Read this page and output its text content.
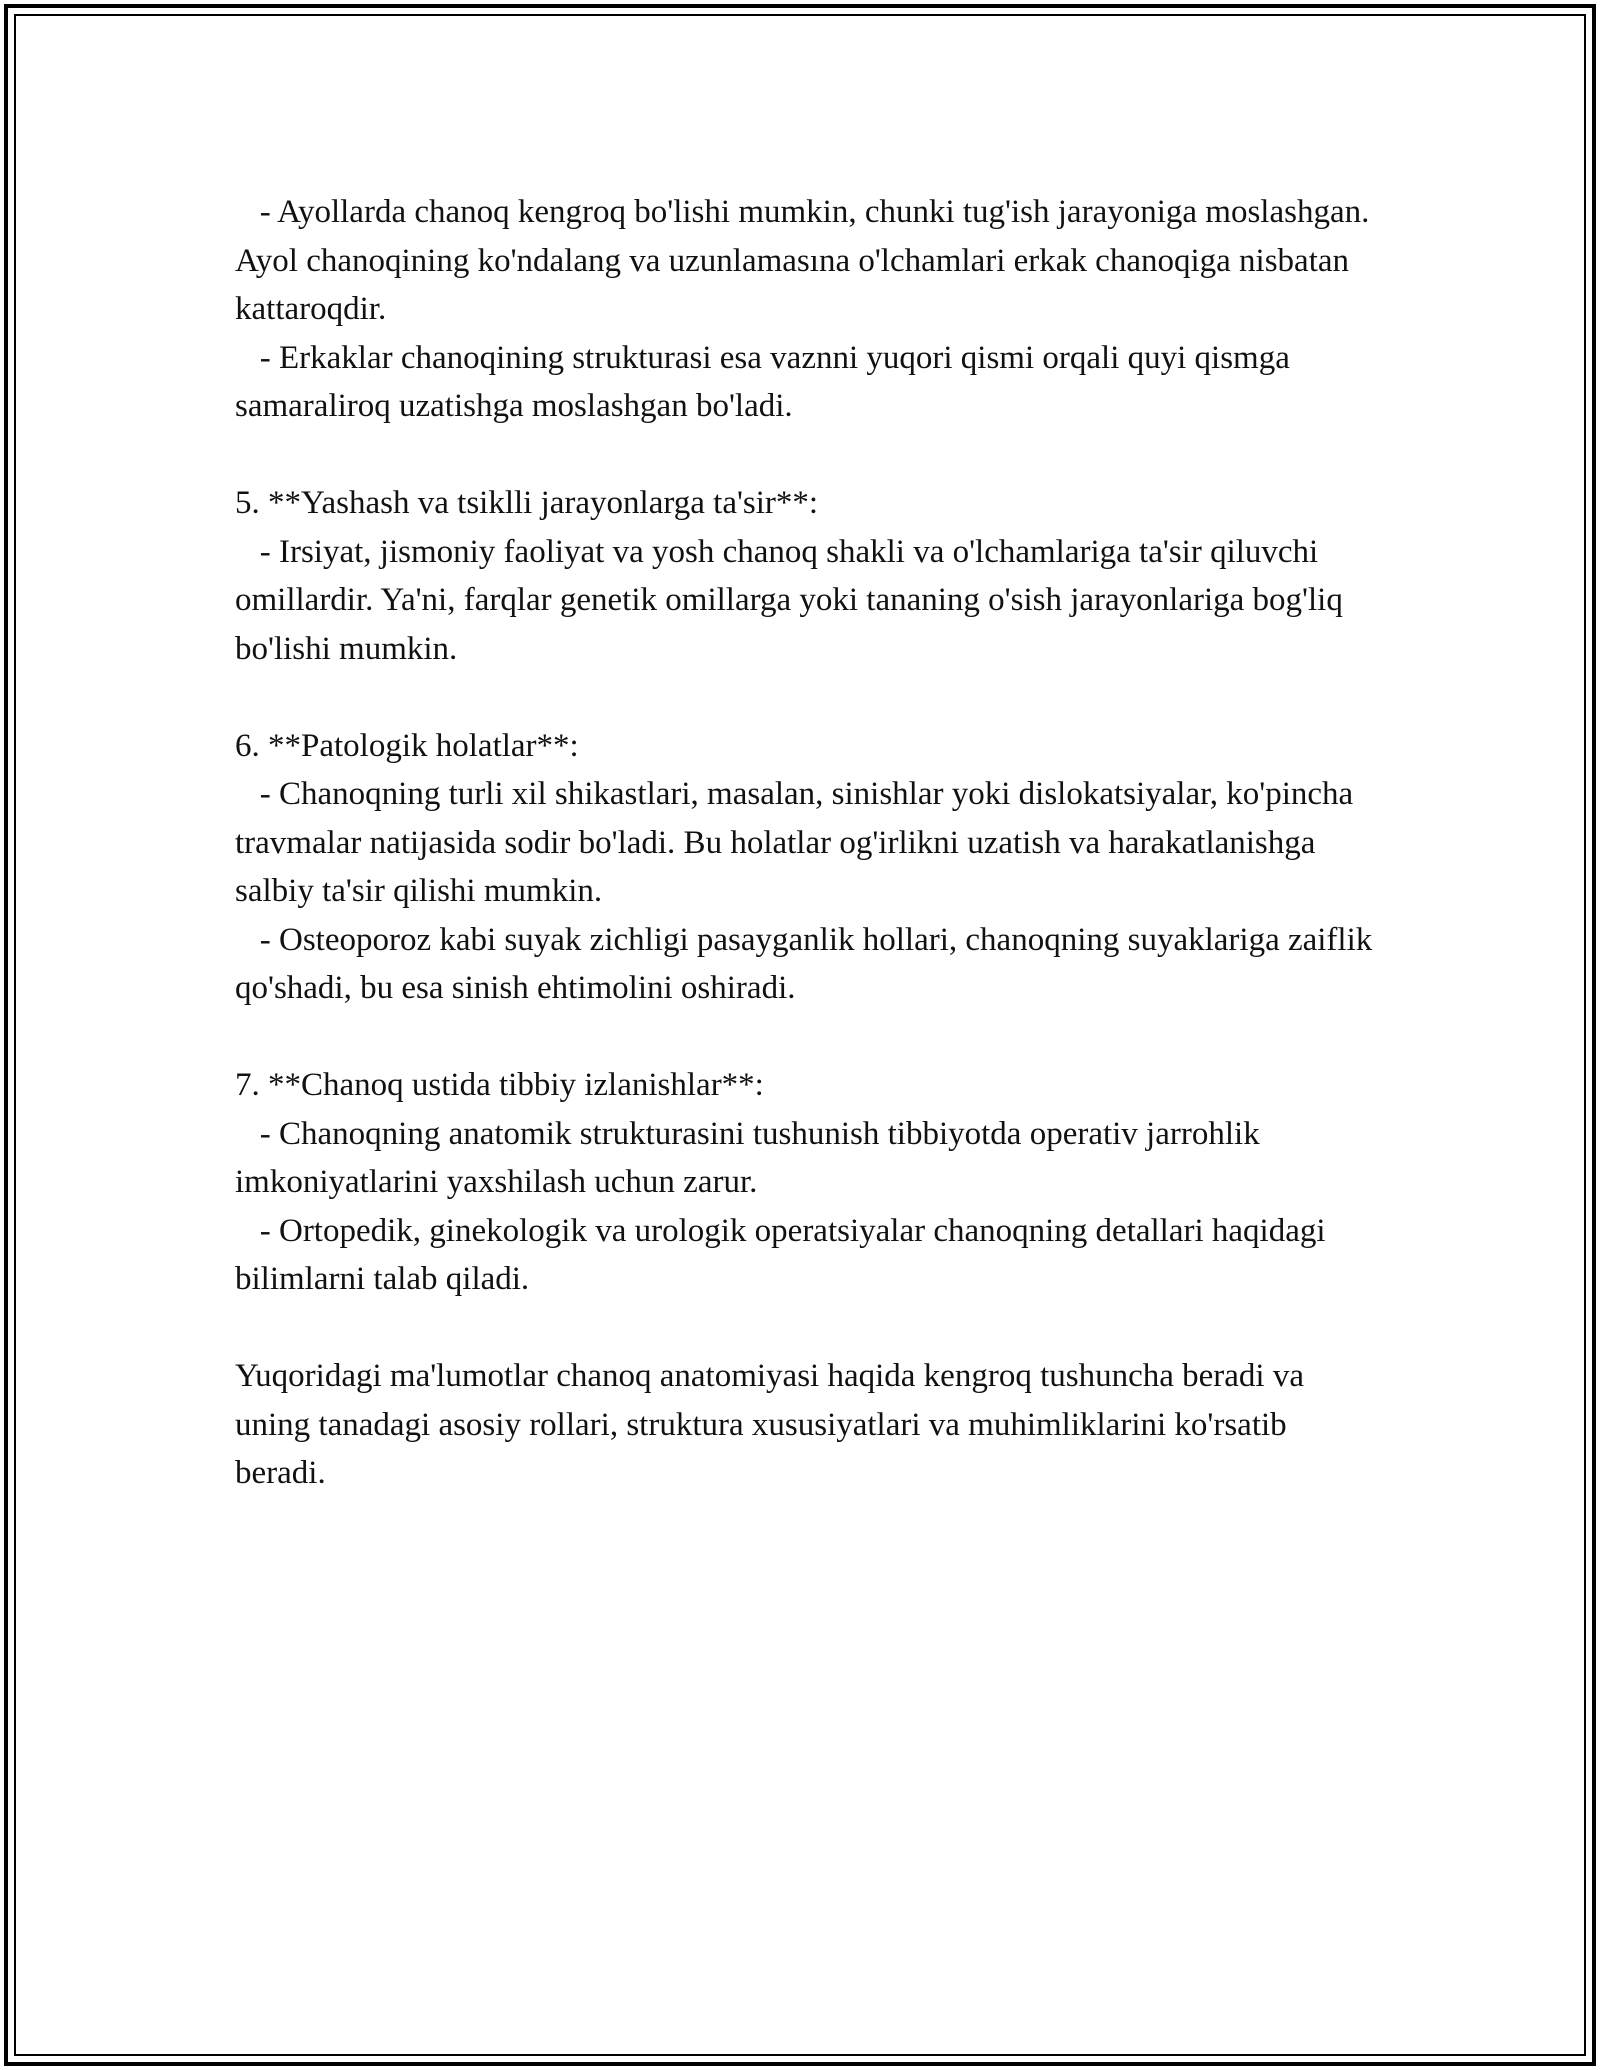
- Ayollarda chanoq kengroq bo'lishi mumkin, chunki tug'ish jarayoniga moslashgan. Ayol chanoqining ko'ndalang va uzunlamasına o'lchamlari erkak chanoqiga nisbatan kattaroqdir.

- Erkaklar chanoqining strukturasi esa vaznni yuqori qismi orqali quyi qismga samaraliroq uzatishga moslashgan bo'ladi.

5. **Yashash va tsiklli jarayonlarga ta'sir**:

- Irsiyat, jismoniy faoliyat va yosh chanoq shakli va o'lchamlariga ta'sir qiluvchi omillardir. Ya'ni, farqlar genetik omillarga yoki tananing o'sish jarayonlariga bog'liq bo'lishi mumkin.

6. **Patologik holatlar**:

- Chanoqning turli xil shikastlari, masalan, sinishlar yoki dislokatsiyalar, ko'pincha travmalar natijasida sodir bo'ladi. Bu holatlar og'irlikni uzatish va harakatlanishga salbiy ta'sir qilishi mumkin.

- Osteoporoz kabi suyak zichligi pasayganlik hollari, chanoqning suyaklariga zaiflik qo'shadi, bu esa sinish ehtimolini oshiradi.

7. **Chanoq ustida tibbiy izlanishlar**:

- Chanoqning anatomik strukturasini tushunish tibbiyotda operativ jarrohlik imkoniyatlarini yaxshilash uchun zarur.

- Ortopedik, ginekologik va urologik operatsiyalar chanoqning detallari haqidagi bilimlarni talab qiladi.

Yuqoridagi ma'lumotlar chanoq anatomiyasi haqida kengroq tushuncha beradi va uning tanadagi asosiy rollari, struktura xususiyatlari va muhimliklarini ko'rsatib beradi.
